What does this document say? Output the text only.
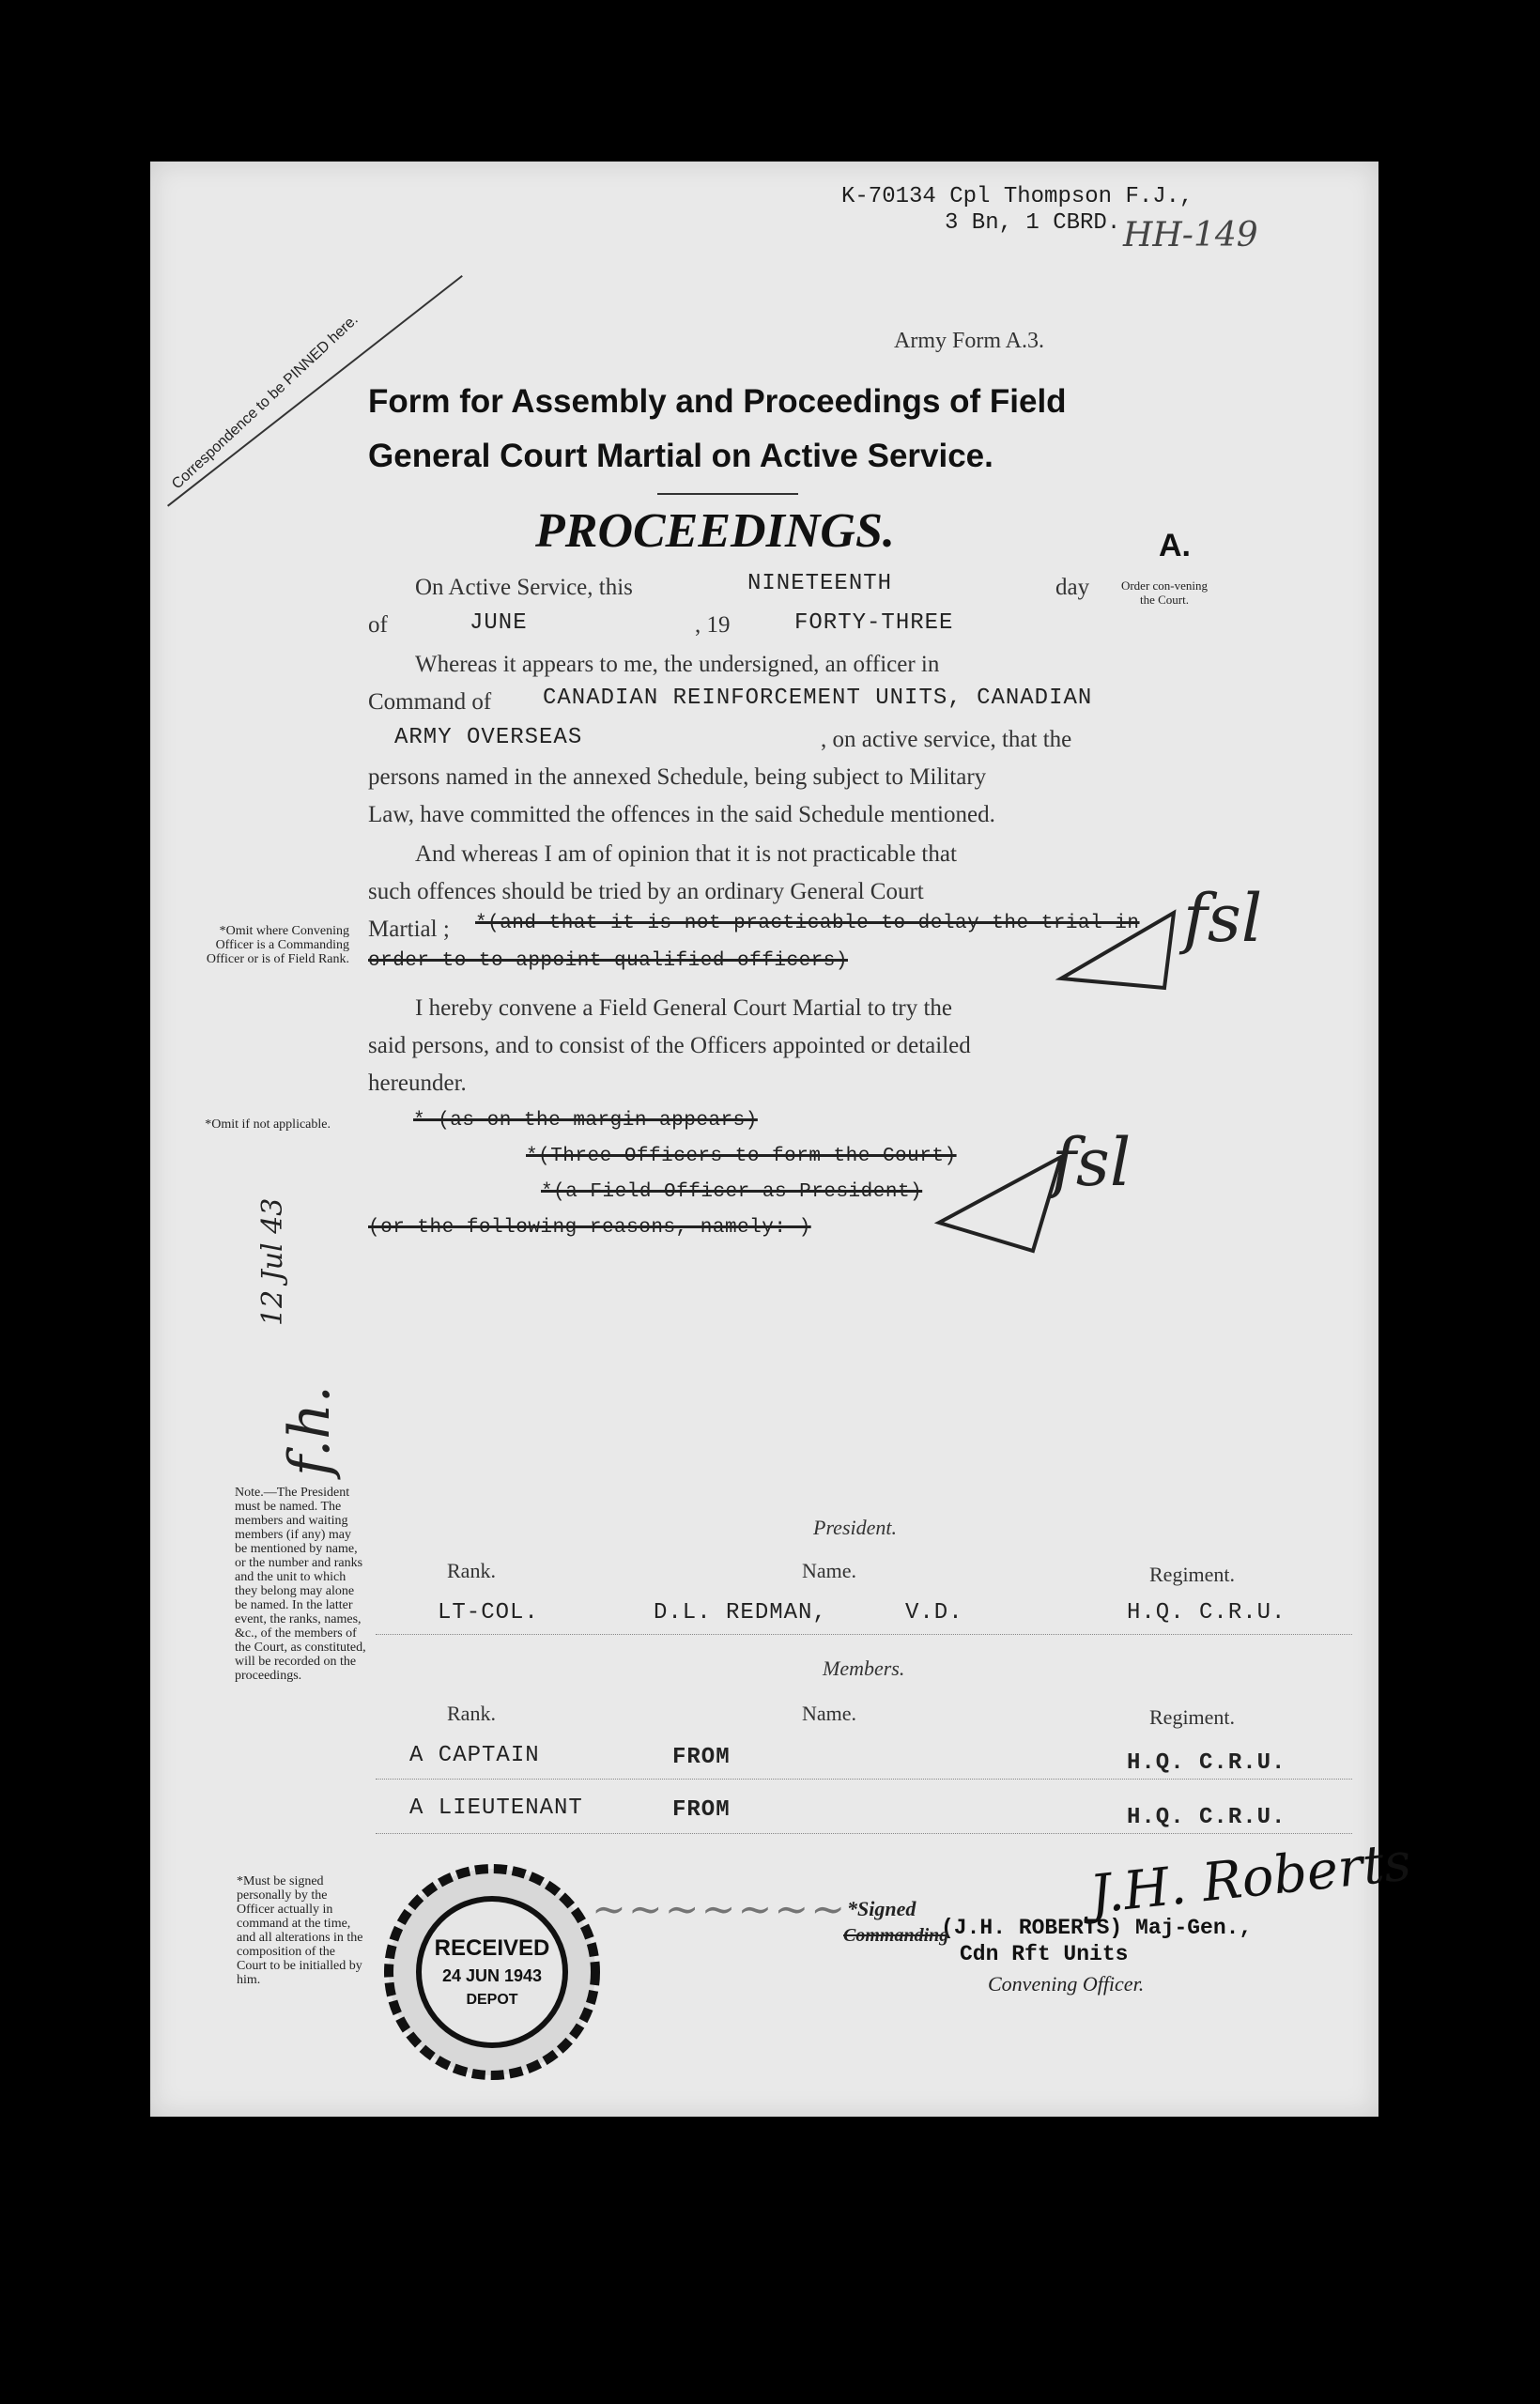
K-70134 Cpl Thompson F.J.,
3 Bn, 1 CBRD. HH-149
Correspondence to be PINNED here.	Army Form A.3.
Form for Assembly and Proceedings of Field
General Court Martial on Active Service.
PROCEEDINGS.	A.
Order con-vening the Court.
On Active Service, this	NINETEENTH	day
of	JUNE	, 19	FORTY-THREE
Whereas it appears to me, the undersigned, an officer in
Command of CANADIAN REINFORCEMENT UNITS, CANADIAN
ARMY OVERSEAS	, on active service, that the
persons named in the annexed Schedule, being subject to Military
Law, have committed the offences in the said Schedule mentioned.
And whereas I am of opinion that it is not practicable that
such offences should be tried by an ordinary General Court
Martial ; *(and that it is not practicable to delay the trial in
order to to appoint qualified officers)
*Omit where Convening Officer is a Commanding Officer or is of Field Rank.
fsl
I hereby convene a Field General Court Martial to try the
said persons, and to consist of the Officers appointed or detailed
hereunder.
*Omit if not applicable.	* (as on the margin appears)
*(Three Officers to form the Court)
*(a Field Officer as President)
(or the following reasons, namely:-)
fsl
f.h.
12 Jul 43
Note.—The President must be named. The members and waiting members (if any) may be mentioned by name, or the number and ranks and the unit to which they belong may alone be named. In the latter event, the ranks, names, &c., of the members of the Court, as constituted, will be recorded on the proceedings.
President.
Rank.	Name.	Regiment.
LT-COL.	D.L. REDMAN,	V.D.	H.Q. C.R.U.
Members.
Rank.	Name.	Regiment.
A CAPTAIN	FROM	H.Q. C.R.U.
A LIEUTENANT	FROM	H.Q. C.R.U.
*Must be signed personally by the Officer actually in command at the time, and all alterations in the composition of the Court to be initialled by him.
RECEIVED
24 JUN 1943
DEPOT
~~~~~~~	J.H. Roberts
*Signed
(J.H. ROBERTS) Maj-Gen.,
Commanding
Cdn Rft Units
Convening Officer.
